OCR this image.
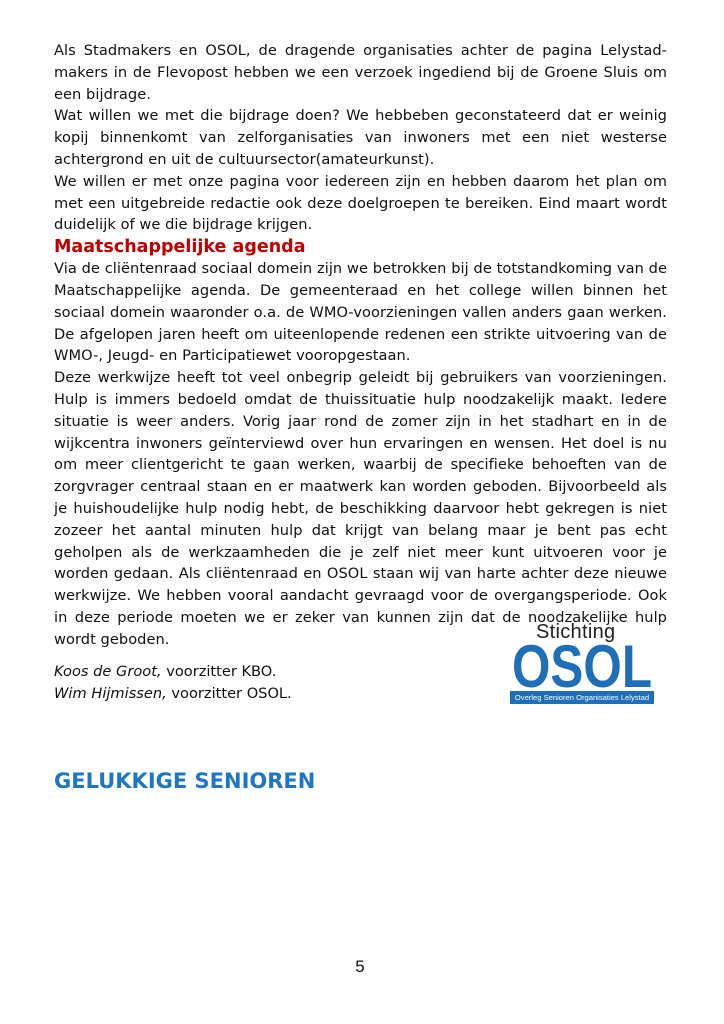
Als Stadmakers en OSOL, de dragende organisaties achter de pagina Lelystad-makers in de Flevopost hebben we een verzoek ingediend bij de Groene Sluis om een bijdrage.

Wat willen we met die bijdrage doen? We hebbeben geconstateerd dat er weinig kopij binnenkomt van zelforganisaties van inwoners met een niet westerse achtergrond en uit de cultuursector(amateurkunst).

We willen er met onze pagina voor iedereen zijn en hebben daarom het plan om met een uitgebreide redactie ook deze doelgroepen te bereiken. Eind maart wordt duidelijk of we die bijdrage krijgen.

Maatschappelijke agenda

Via de cliëntenraad sociaal domein zijn we betrokken bij de totstandkoming van de Maatschappelijke agenda. De gemeenteraad en het college willen binnen het sociaal domein waaronder o.a. de WMO-voorzieningen vallen anders gaan werken. De afgelopen jaren heeft om uiteenlopende redenen een strikte uitvoering van de WMO-, Jeugd- en Participatiewet vooropgestaan.

Deze werkwijze heeft tot veel onbegrip geleidt bij gebruikers van voorzieningen. Hulp is immers bedoeld omdat de thuissituatie hulp noodzakelijk maakt. Iedere situatie is weer anders. Vorig jaar rond de zomer zijn in het stadhart en in de wijkcentra inwoners geïnterviewd over hun ervaringen en wensen. Het doel is nu om meer clientgericht te gaan werken, waarbij de specifieke behoeften van de zorgvrager centraal staan en er maatwerk kan worden geboden. Bijvoorbeeld als je huishoudelijke hulp nodig hebt, de beschikking daarvoor hebt gekregen is niet zozeer het aantal minuten hulp dat krijgt van belang maar je bent pas echt geholpen als de werkzaamheden die je zelf niet meer kunt uitvoeren voor je worden gedaan. Als cliëntenraad en OSOL staan wij van harte achter deze nieuwe werkwijze. We hebben vooral aandacht gevraagd voor de overgangsperiode. Ook in deze periode moeten we er zeker van kunnen zijn dat de noodzakelijke hulp wordt geboden.

Koos de Groot, voorzitter KBO.

Wim Hijmissen, voorzitter OSOL.

Stichting
OSOL
Overleg Senioren Organisaties Lelystad
GELUKKIGE SENIOREN
5
